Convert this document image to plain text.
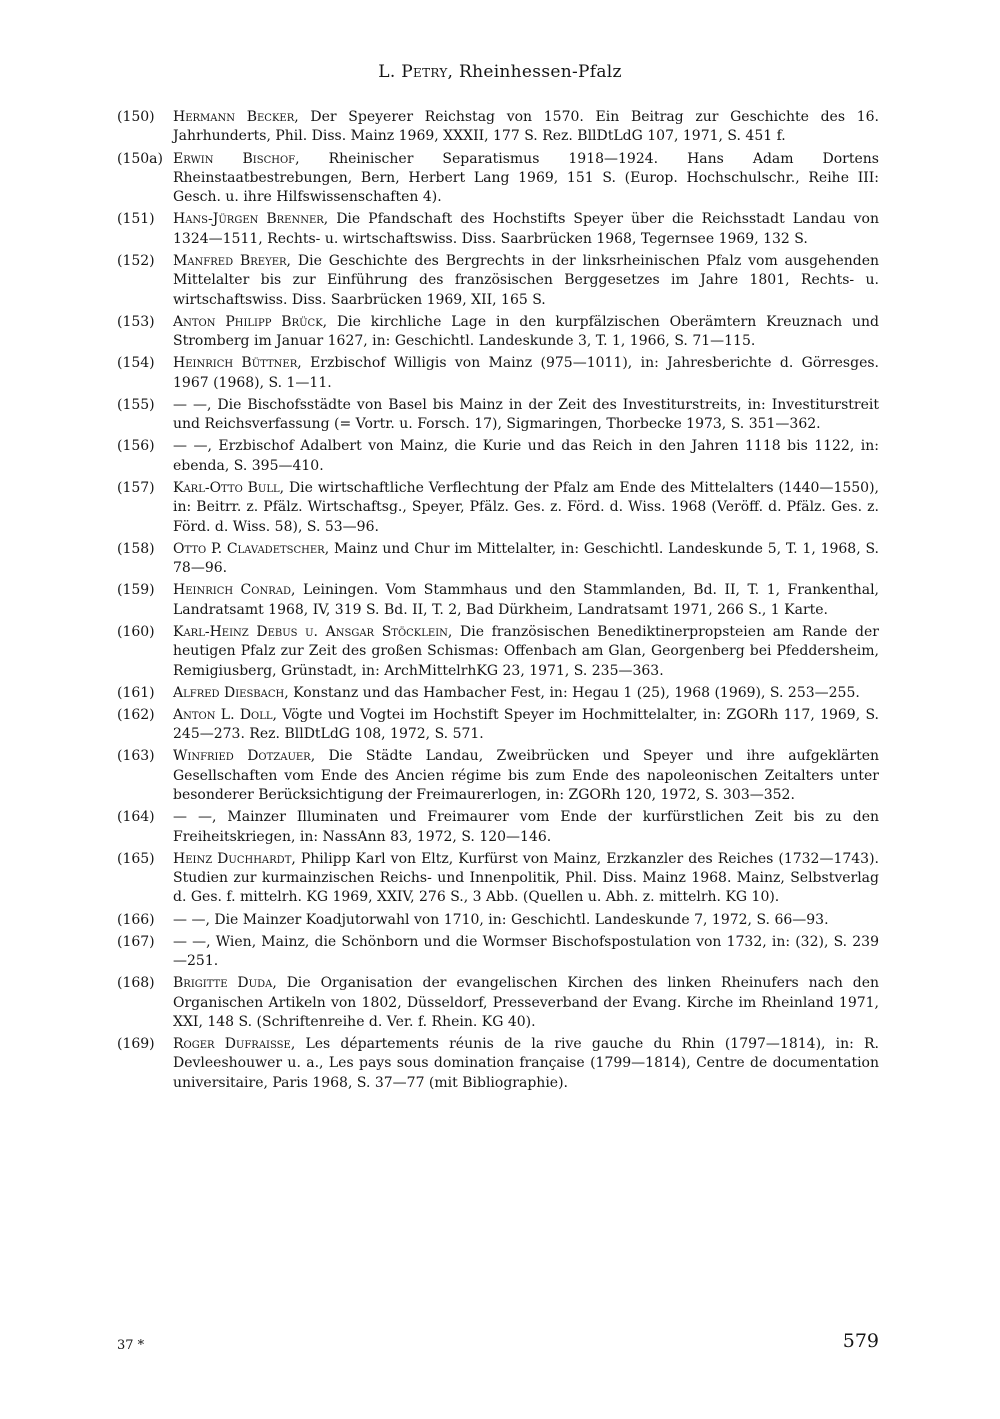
L. Petry, Rheinhessen-Pfalz
(150)	Hermann Becker, Der Speyerer Reichstag von 1570. Ein Beitrag zur Geschichte des 16. Jahrhunderts, Phil. Diss. Mainz 1969, XXXII, 177 S. Rez. BllDtLdG 107, 1971, S. 451 f.
(150a) Erwin Bischof, Rheinischer Separatismus 1918—1924. Hans Adam Dortens Rheinstaatbestrebungen, Bern, Herbert Lang 1969, 151 S. (Europ. Hochschulschr., Reihe III: Gesch. u. ihre Hilfswissenschaften 4).
(151)	Hans-Jürgen Brenner, Die Pfandschaft des Hochstifts Speyer über die Reichsstadt Landau von 1324—1511, Rechts- u. wirtschaftswiss. Diss. Saarbrücken 1968, Tegernsee 1969, 132 S.
(152)	Manfred Breyer, Die Geschichte des Bergrechts in der linksrheinischen Pfalz vom ausgehenden Mittelalter bis zur Einführung des französischen Berggesetzes im Jahre 1801, Rechts- u. wirtschaftswiss. Diss. Saarbrücken 1969, XII, 165 S.
(153)	Anton Philipp Brück, Die kirchliche Lage in den kurpfälzischen Oberämtern Kreuznach und Stromberg im Januar 1627, in: Geschichtl. Landeskunde 3, T. 1, 1966, S. 71—115.
(154)	Heinrich Büttner, Erzbischof Willigis von Mainz (975—1011), in: Jahresberichte d. Görresges. 1967 (1968), S. 1—11.
(155)	— —, Die Bischofsstädte von Basel bis Mainz in der Zeit des Investiturstreits, in: Investiturstreit und Reichsverfassung (= Vortr. u. Forsch. 17), Sigmaringen, Thorbecke 1973, S. 351—362.
(156)	— —, Erzbischof Adalbert von Mainz, die Kurie und das Reich in den Jahren 1118 bis 1122, in: ebenda, S. 395—410.
(157)	Karl-Otto Bull, Die wirtschaftliche Verflechtung der Pfalz am Ende des Mittelalters (1440—1550), in: Beitrr. z. Pfälz. Wirtschaftsg., Speyer, Pfälz. Ges. z. Förd. d. Wiss. 1968 (Veröff. d. Pfälz. Ges. z. Förd. d. Wiss. 58), S. 53—96.
(158)	Otto P. Clavadetscher, Mainz und Chur im Mittelalter, in: Geschichtl. Landeskunde 5, T. 1, 1968, S. 78—96.
(159)	Heinrich Conrad, Leiningen. Vom Stammhaus und den Stammlanden, Bd. II, T. 1, Frankenthal, Landratsamt 1968, IV, 319 S. Bd. II, T. 2, Bad Dürkheim, Landratsamt 1971, 266 S., 1 Karte.
(160)	Karl-Heinz Debus u. Ansgar Stöcklein, Die französischen Benediktinerpropsteien am Rande der heutigen Pfalz zur Zeit des großen Schismas: Offenbach am Glan, Georgenberg bei Pfeddersheim, Remigiusberg, Grünstadt, in: ArchMittelrhKG 23, 1971, S. 235—363.
(161)	Alfred Diesbach, Konstanz und das Hambacher Fest, in: Hegau 1 (25), 1968 (1969), S. 253—255.
(162)	Anton L. Doll, Vögte und Vogtei im Hochstift Speyer im Hochmittelalter, in: ZGORh 117, 1969, S. 245—273. Rez. BllDtLdG 108, 1972, S. 571.
(163)	Winfried Dotzauer, Die Städte Landau, Zweibrücken und Speyer und ihre aufgeklärten Gesellschaften vom Ende des Ancien régime bis zum Ende des napoleonischen Zeitalters unter besonderer Berücksichtigung der Freimaurerlogen, in: ZGORh 120, 1972, S. 303—352.
(164)	— —, Mainzer Illuminaten und Freimaurer vom Ende der kurfürstlichen Zeit bis zu den Freiheitskriegen, in: NassAnn 83, 1972, S. 120—146.
(165)	Heinz Duchhardt, Philipp Karl von Eltz, Kurfürst von Mainz, Erzkanzler des Reiches (1732—1743). Studien zur kurmainzischen Reichs- und Innenpolitik, Phil. Diss. Mainz 1968. Mainz, Selbstverlag d. Ges. f. mittelrh. KG 1969, XXIV, 276 S., 3 Abb. (Quellen u. Abh. z. mittelrh. KG 10).
(166)	— —, Die Mainzer Koadjutorwahl von 1710, in: Geschichtl. Landeskunde 7, 1972, S. 66—93.
(167)	— —, Wien, Mainz, die Schönborn und die Wormser Bischofspostulation von 1732, in: (32), S. 239—251.
(168)	Brigitte Duda, Die Organisation der evangelischen Kirchen des linken Rheinufers nach den Organischen Artikeln von 1802, Düsseldorf, Presseverband der Evang. Kirche im Rheinland 1971, XXI, 148 S. (Schriftenreihe d. Ver. f. Rhein. KG 40).
(169)	Roger Dufraisse, Les départements réunis de la rive gauche du Rhin (1797—1814), in: R. Devleeshouwer u. a., Les pays sous domination française (1799—1814), Centre de documentation universitaire, Paris 1968, S. 37—77 (mit Bibliographie).
37 *	579
